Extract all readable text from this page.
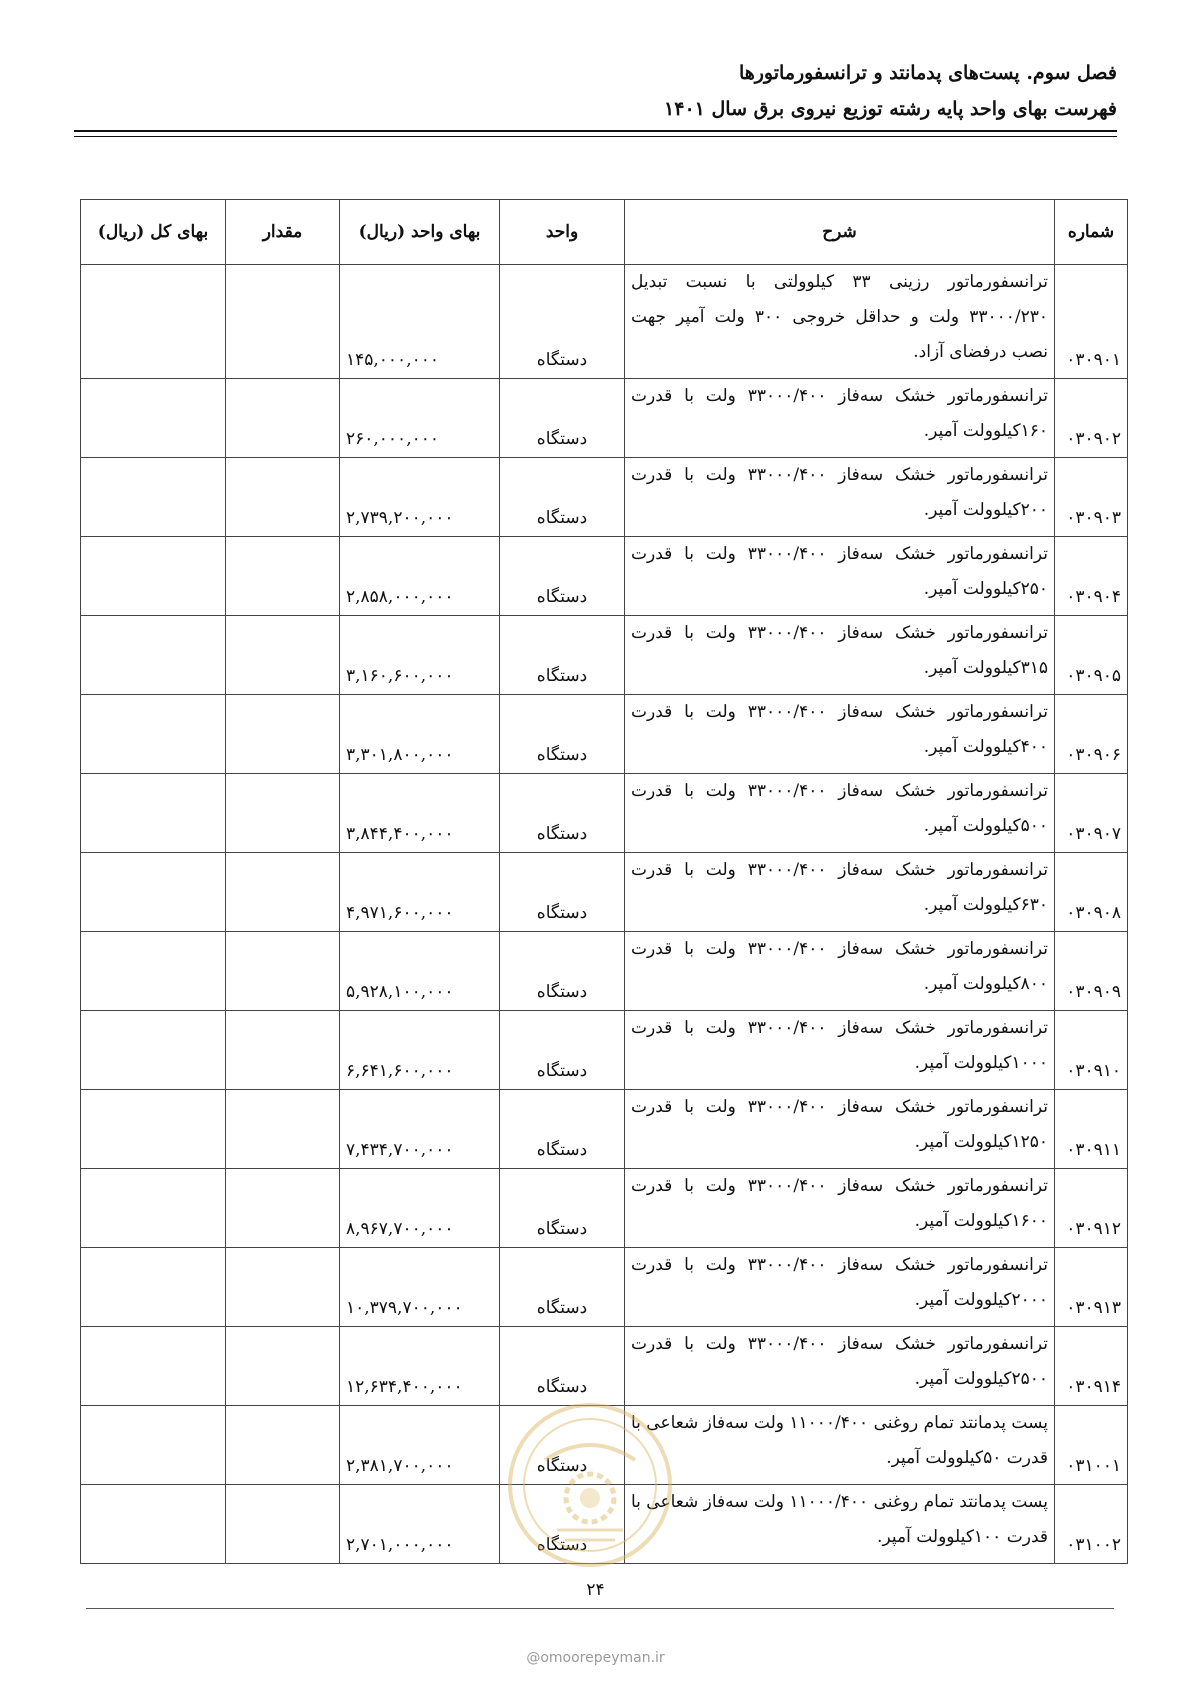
فصل سوم. پست‌های پدمانتد و ترانسفورماتورها
فهرست بهای واحد پایه رشته توزیع نیروی برق سال ۱۴۰۱
شماره	شرح	واحد	بهای واحد (ریال)	مقدار	بهای کل (ریال)
۰۳۰۹۰۱	ترانسفورماتور رزینی ۳۳ کیلوولتی با نسبت تبدیل ۳۳۰۰۰/۲۳۰ ولت و حداقل خروجی ۳۰۰ ولت آمپر جهت نصب درفضای آزاد.	دستگاه	۱۴۵,۰۰۰,۰۰۰		
۰۳۰۹۰۲	ترانسفورماتور خشک سه‌فاز ۳۳۰۰۰/۴۰۰ ولت با قدرت ۱۶۰کیلوولت آمپر.	دستگاه	۲۶۰,۰۰۰,۰۰۰		
۰۳۰۹۰۳	ترانسفورماتور خشک سه‌فاز ۳۳۰۰۰/۴۰۰ ولت با قدرت ۲۰۰کیلوولت آمپر.	دستگاه	۲,۷۳۹,۲۰۰,۰۰۰		
۰۳۰۹۰۴	ترانسفورماتور خشک سه‌فاز ۳۳۰۰۰/۴۰۰ ولت با قدرت ۲۵۰کیلوولت آمپر.	دستگاه	۲,۸۵۸,۰۰۰,۰۰۰		
۰۳۰۹۰۵	ترانسفورماتور خشک سه‌فاز ۳۳۰۰۰/۴۰۰ ولت با قدرت ۳۱۵کیلوولت آمپر.	دستگاه	۳,۱۶۰,۶۰۰,۰۰۰		
۰۳۰۹۰۶	ترانسفورماتور خشک سه‌فاز ۳۳۰۰۰/۴۰۰ ولت با قدرت ۴۰۰کیلوولت آمپر.	دستگاه	۳,۳۰۱,۸۰۰,۰۰۰		
۰۳۰۹۰۷	ترانسفورماتور خشک سه‌فاز ۳۳۰۰۰/۴۰۰ ولت با قدرت ۵۰۰کیلوولت آمپر.	دستگاه	۳,۸۴۴,۴۰۰,۰۰۰		
۰۳۰۹۰۸	ترانسفورماتور خشک سه‌فاز ۳۳۰۰۰/۴۰۰ ولت با قدرت ۶۳۰کیلوولت آمپر.	دستگاه	۴,۹۷۱,۶۰۰,۰۰۰		
۰۳۰۹۰۹	ترانسفورماتور خشک سه‌فاز ۳۳۰۰۰/۴۰۰ ولت با قدرت ۸۰۰کیلوولت آمپر.	دستگاه	۵,۹۲۸,۱۰۰,۰۰۰		
۰۳۰۹۱۰	ترانسفورماتور خشک سه‌فاز ۳۳۰۰۰/۴۰۰ ولت با قدرت ۱۰۰۰کیلوولت آمپر.	دستگاه	۶,۶۴۱,۶۰۰,۰۰۰		
۰۳۰۹۱۱	ترانسفورماتور خشک سه‌فاز ۳۳۰۰۰/۴۰۰ ولت با قدرت ۱۲۵۰کیلوولت آمپر.	دستگاه	۷,۴۳۴,۷۰۰,۰۰۰		
۰۳۰۹۱۲	ترانسفورماتور خشک سه‌فاز ۳۳۰۰۰/۴۰۰ ولت با قدرت ۱۶۰۰کیلوولت آمپر.	دستگاه	۸,۹۶۷,۷۰۰,۰۰۰		
۰۳۰۹۱۳	ترانسفورماتور خشک سه‌فاز ۳۳۰۰۰/۴۰۰ ولت با قدرت ۲۰۰۰کیلوولت آمپر.	دستگاه	۱۰,۳۷۹,۷۰۰,۰۰۰		
۰۳۰۹۱۴	ترانسفورماتور خشک سه‌فاز ۳۳۰۰۰/۴۰۰ ولت با قدرت ۲۵۰۰کیلوولت آمپر.	دستگاه	۱۲,۶۳۴,۴۰۰,۰۰۰		
۰۳۱۰۰۱	پست پدمانتد تمام روغنی ۱۱۰۰۰/۴۰۰ ولت سه‌فاز شعاعی با قدرت ۵۰کیلوولت آمپر.	دستگاه	۲,۳۸۱,۷۰۰,۰۰۰		
۰۳۱۰۰۲	پست پدمانتد تمام روغنی ۱۱۰۰۰/۴۰۰ ولت سه‌فاز شعاعی با قدرت ۱۰۰کیلوولت آمپر.	دستگاه	۲,۷۰۱,۰۰۰,۰۰۰		
۲۴
@omoorepeyman.ir
